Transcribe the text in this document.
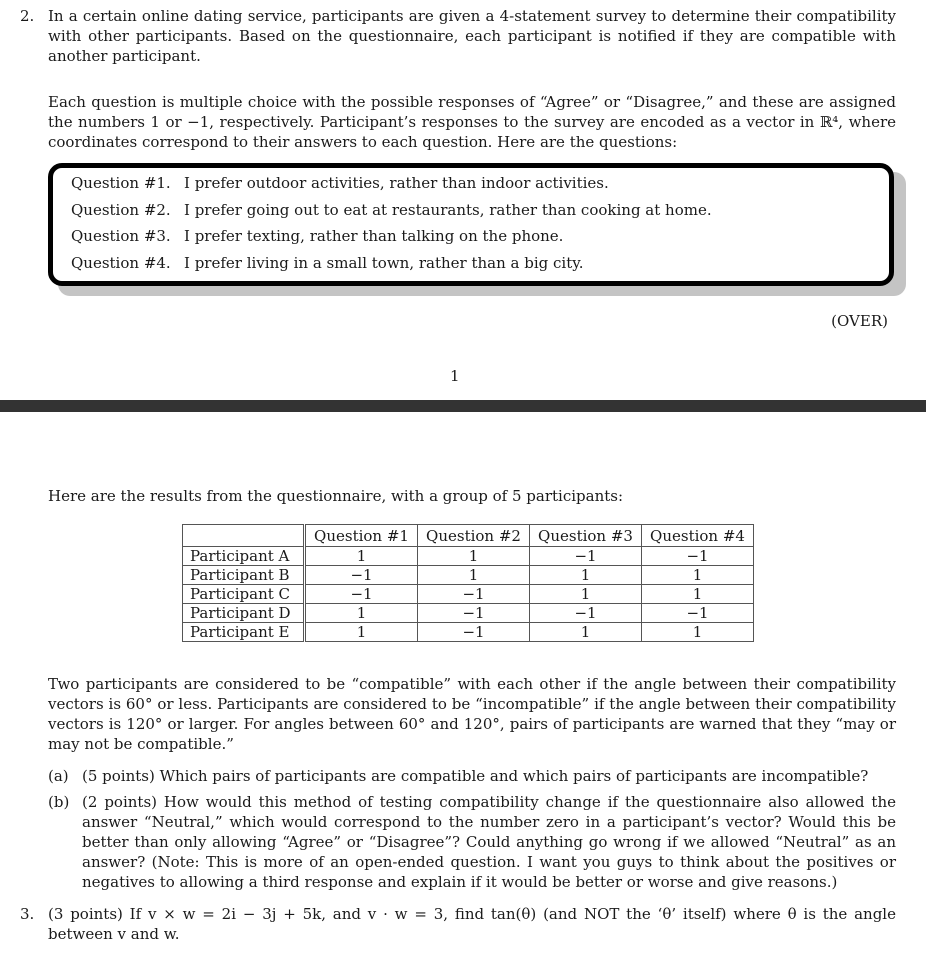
2. In a certain online dating service, participants are given a 4-statement survey to determine their compatibility with other participants. Based on the questionnaire, each participant is notified if they are compatible with another participant.
Each question is multiple choice with the possible responses of “Agree” or “Disagree,” and these are assigned the numbers 1 or −1, respectively. Participant’s responses to the survey are encoded as a vector in ℝ⁴, where coordinates correspond to their answers to each question. Here are the questions:
Question #1. I prefer outdoor activities, rather than indoor activities.
Question #2. I prefer going out to eat at restaurants, rather than cooking at home.
Question #3. I prefer texting, rather than talking on the phone.
Question #4. I prefer living in a small town, rather than a big city.
(OVER)
1
Here are the results from the questionnaire, with a group of 5 participants:
	Question #1	Question #2	Question #3	Question #4
Participant A	1	1	−1	−1
Participant B	−1	1	1	1
Participant C	−1	−1	1	1
Participant D	1	−1	−1	−1
Participant E	1	−1	1	1
Two participants are considered to be “compatible” with each other if the angle between their compatibility vectors is 60° or less. Participants are considered to be “incompatible” if the angle between their compatibility vectors is 120° or larger. For angles between 60° and 120°, pairs of participants are warned that they “may or may not be compatible.”
(a) (5 points) Which pairs of participants are compatible and which pairs of participants are incompatible?
(b) (2 points) How would this method of testing compatibility change if the questionnaire also allowed the answer “Neutral,” which would correspond to the number zero in a participant’s vector? Would this be better than only allowing “Agree” or “Disagree”? Could anything go wrong if we allowed “Neutral” as an answer? (Note: This is more of an open-ended question. I want you guys to think about the positives or negatives to allowing a third response and explain if it would be better or worse and give reasons.)
3. (3 points) If v × w = 2i − 3j + 5k, and v · w = 3, find tan(θ) (and NOT the ‘θ’ itself) where θ is the angle between v and w.
